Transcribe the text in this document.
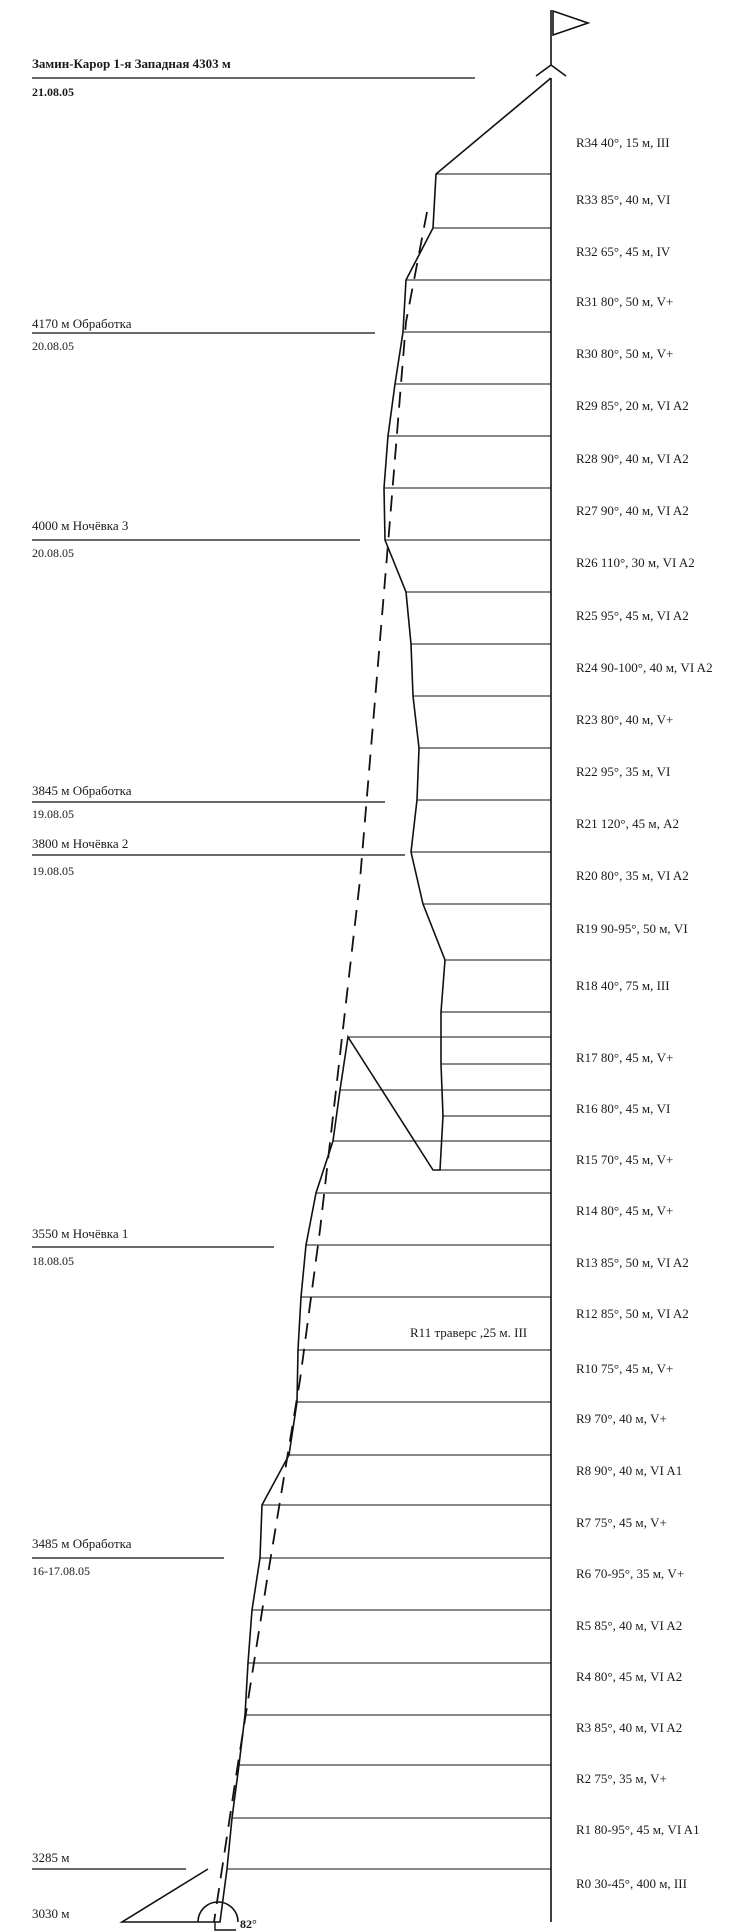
Замин-Карор 1-я Западная 4303 м
21.08.05
82°
4170 м Обработка
20.08.05
4000 м Ночёвка 3
20.08.05
3845 м Обработка
19.08.05
3800 м Ночёвка 2
19.08.05
3550 м Ночёвка 1
18.08.05
3485 м Обработка
16-17.08.05
3285 м
3030 м
R11 траверс ,25 м. III
R34 40°, 15 м, III
R33 85°, 40 м, VI
R32 65°, 45 м, IV
R31 80°, 50 м, V+
R30 80°, 50 м, V+
R29 85°, 20 м, VI A2
R28 90°, 40 м, VI A2
R27 90°, 40 м, VI A2
R26 110°, 30 м, VI A2
R25 95°, 45 м, VI A2
R24 90-100°, 40 м, VI A2
R23 80°, 40 м, V+
R22 95°, 35 м, VI
R21 120°, 45 м, A2
R20 80°, 35 м, VI A2
R19 90-95°, 50 м, VI
R18 40°, 75 м, III
R17 80°, 45 м, V+
R16 80°, 45 м, VI
R15 70°, 45 м, V+
R14 80°, 45 м, V+
R13 85°, 50 м, VI A2
R12 85°, 50 м, VI A2
R10 75°, 45 м, V+
R9 70°, 40 м, V+
R8 90°, 40 м, VI A1
R7 75°, 45 м, V+
R6 70-95°, 35 м, V+
R5 85°, 40 м, VI A2
R4 80°, 45 м, VI A2
R3 85°, 40 м, VI A2
R2 75°, 35 м, V+
R1 80-95°, 45 м, VI A1
R0 30-45°, 400 м, III
